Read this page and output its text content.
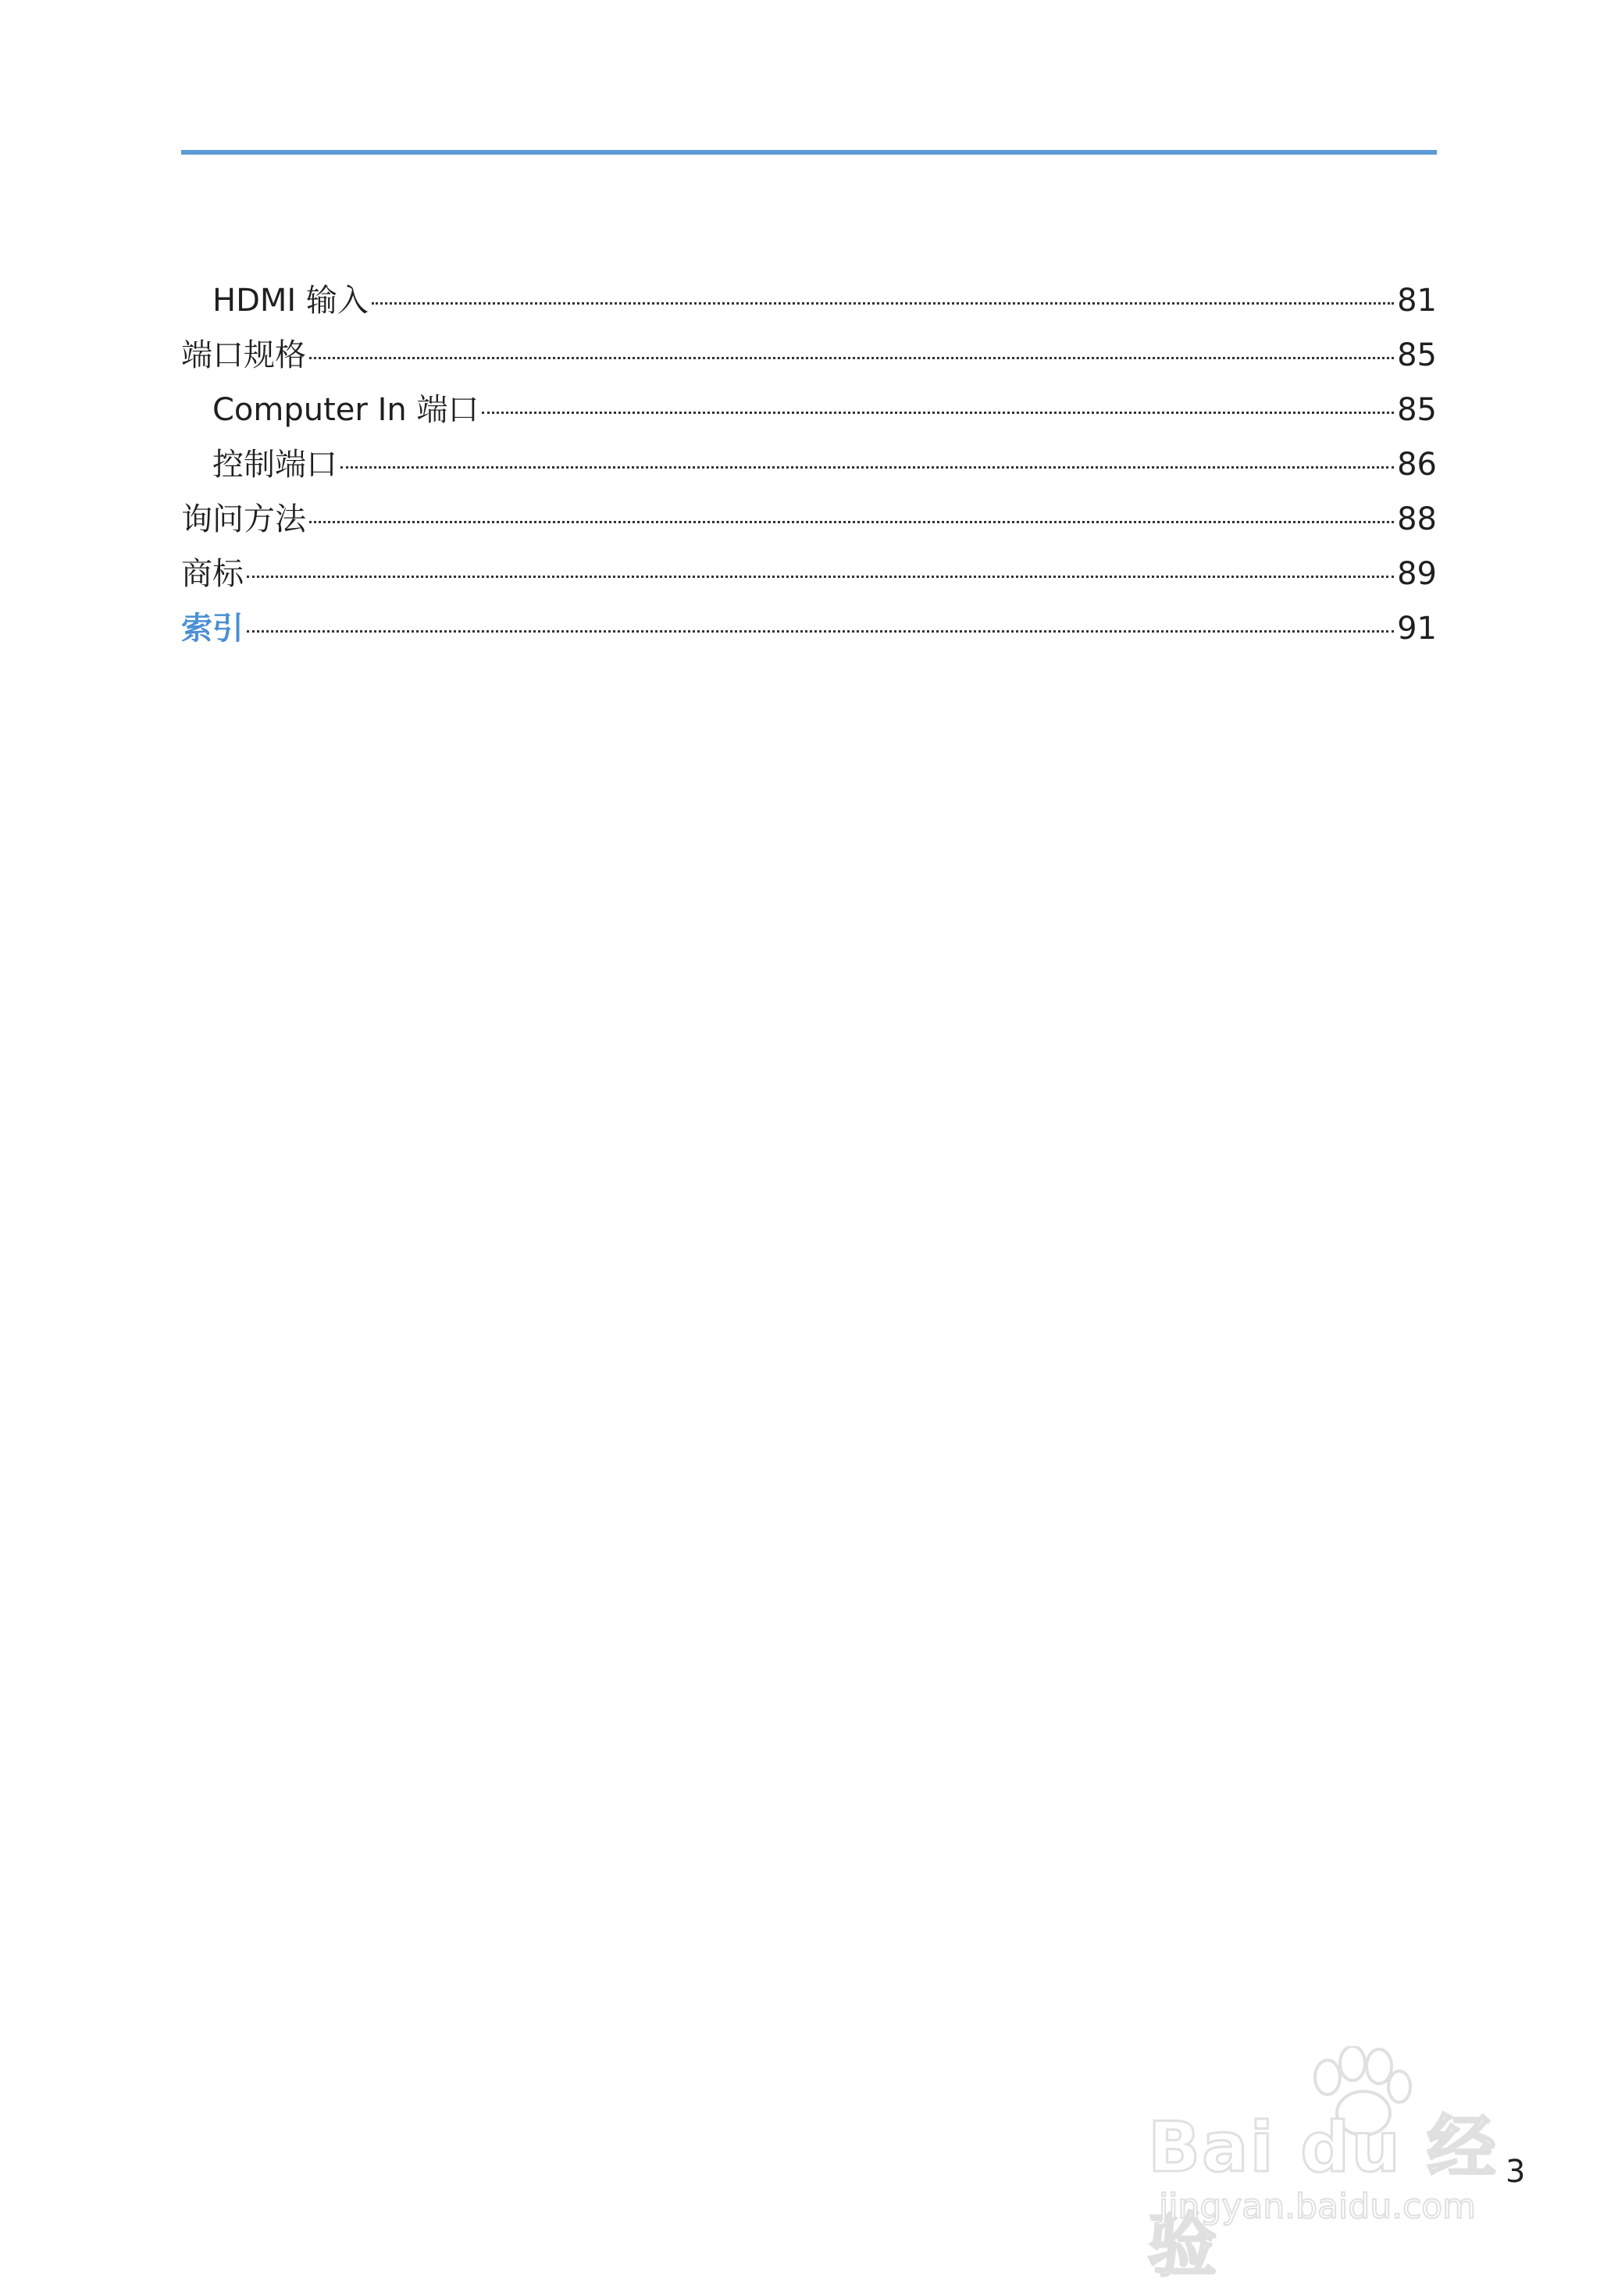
HDMI 输入	81
端口规格	85
Computer In 端口	85
控制端口	86
询问方法	88
商标	89
索引	91
Bai du 经验
jingyan.baidu.com
3
